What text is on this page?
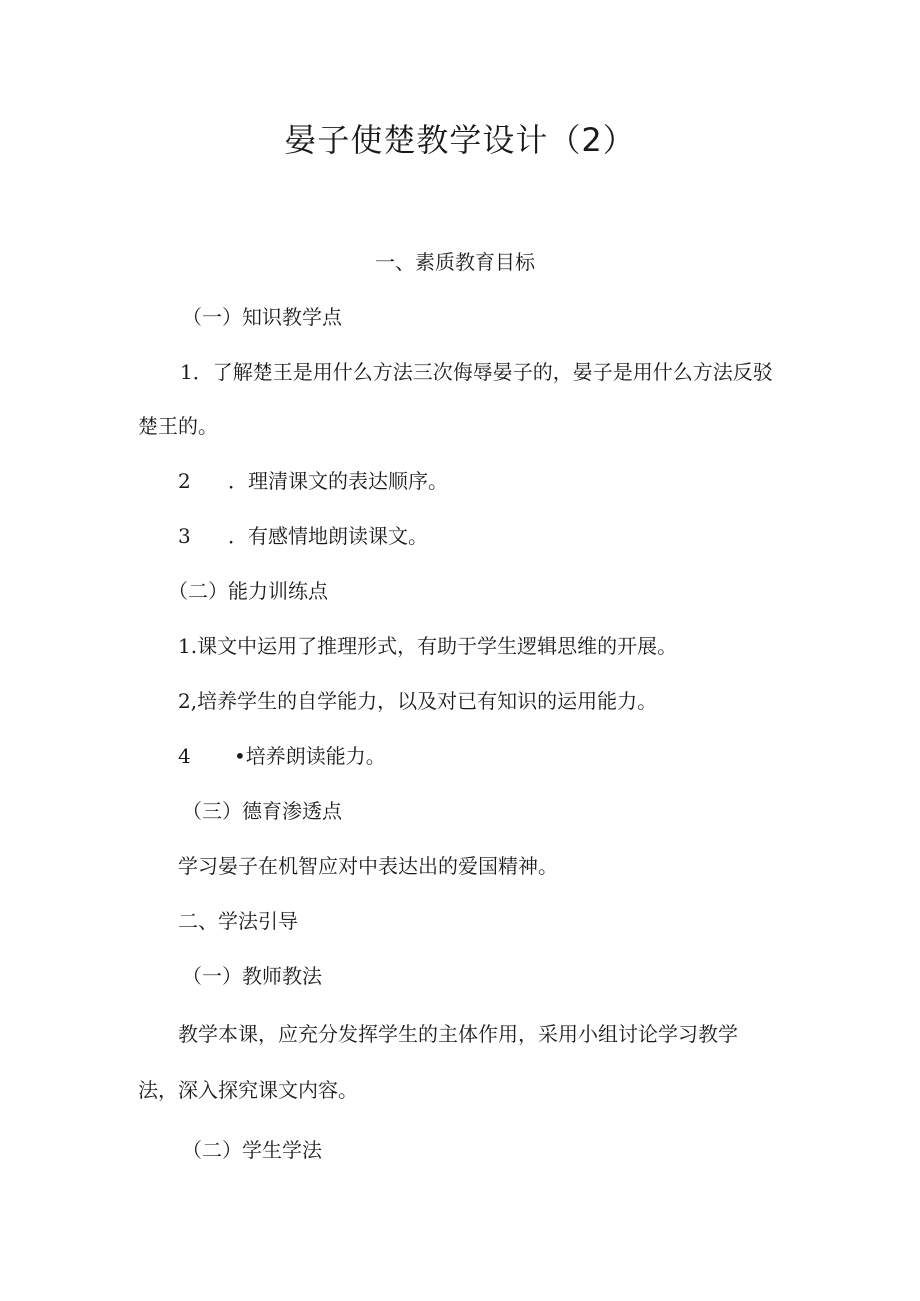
晏子使楚教学设计（2）
一、素质教育目标
（一）知识教学点
1．了解楚王是用什么方法三次侮辱晏子的，晏子是用什么方法反驳
楚王的。
2 ．理清课文的表达顺序。
3 ．有感情地朗读课文。
（二）能力训练点
1.课文中运用了推理形式，有助于学生逻辑思维的开展。
2,培养学生的自学能力，以及对已有知识的运用能力。
4 •培养朗读能力。
（三）德育渗透点
学习晏子在机智应对中表达出的爱国精神。
二、学法引导
（一）教师教法
教学本课，应充分发挥学生的主体作用，采用小组讨论学习教学
法，深入探究课文内容。
（二）学生学法
